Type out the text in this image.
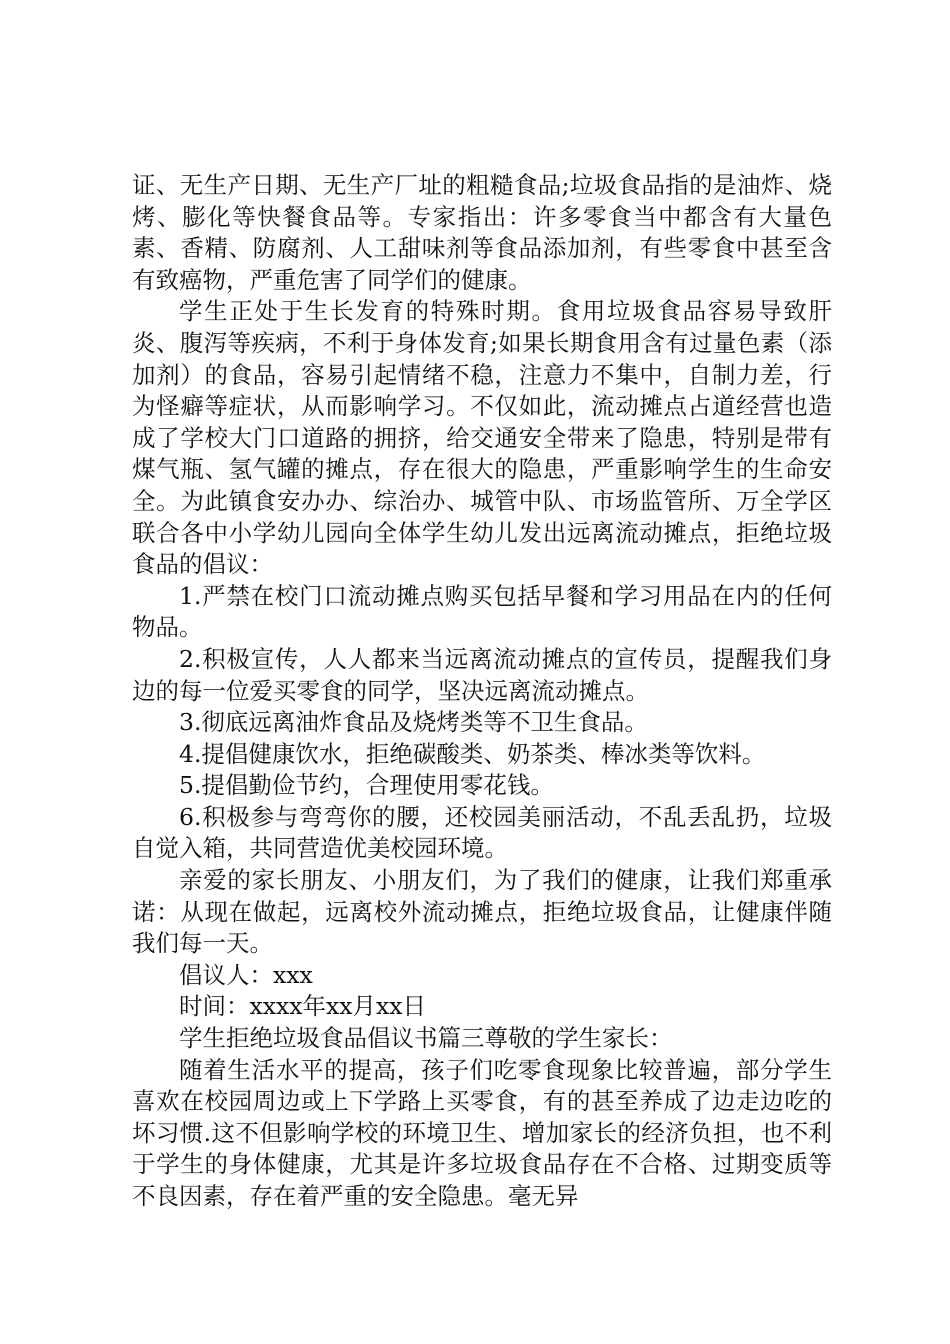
证、无生产日期、无生产厂址的粗糙食品;垃圾食品指的是油炸、烧烤、膨化等快餐食品等。专家指出：许多零食当中都含有大量色素、香精、防腐剂、人工甜味剂等食品添加剂，有些零食中甚至含有致癌物，严重危害了同学们的健康。

学生正处于生长发育的特殊时期。食用垃圾食品容易导致肝炎、腹泻等疾病，不利于身体发育;如果长期食用含有过量色素（添加剂）的食品，容易引起情绪不稳，注意力不集中，自制力差，行为怪癖等症状，从而影响学习。不仅如此，流动摊点占道经营也造成了学校大门口道路的拥挤，给交通安全带来了隐患，特别是带有煤气瓶、氢气罐的摊点，存在很大的隐患，严重影响学生的生命安全。为此镇食安办办、综治办、城管中队、市场监管所、万全学区联合各中小学幼儿园向全体学生幼儿发出远离流动摊点，拒绝垃圾食品的倡议：

1.严禁在校门口流动摊点购买包括早餐和学习用品在内的任何物品。

2.积极宣传，人人都来当远离流动摊点的宣传员，提醒我们身边的每一位爱买零食的同学，坚决远离流动摊点。

3.彻底远离油炸食品及烧烤类等不卫生食品。

4.提倡健康饮水，拒绝碳酸类、奶茶类、棒冰类等饮料。

5.提倡勤俭节约，合理使用零花钱。

6.积极参与弯弯你的腰，还校园美丽活动，不乱丢乱扔，垃圾自觉入箱，共同营造优美校园环境。

亲爱的家长朋友、小朋友们，为了我们的健康，让我们郑重承诺：从现在做起，远离校外流动摊点，拒绝垃圾食品，让健康伴随我们每一天。

倡议人：xxx

时间：xxxx年xx月xx日

学生拒绝垃圾食品倡议书篇三尊敬的学生家长：

随着生活水平的提高，孩子们吃零食现象比较普遍，部分学生喜欢在校园周边或上下学路上买零食，有的甚至养成了边走边吃的坏习惯.这不但影响学校的环境卫生、增加家长的经济负担，也不利于学生的身体健康，尤其是许多垃圾食品存在不合格、过期变质等不良因素，存在着严重的安全隐患。毫无异
